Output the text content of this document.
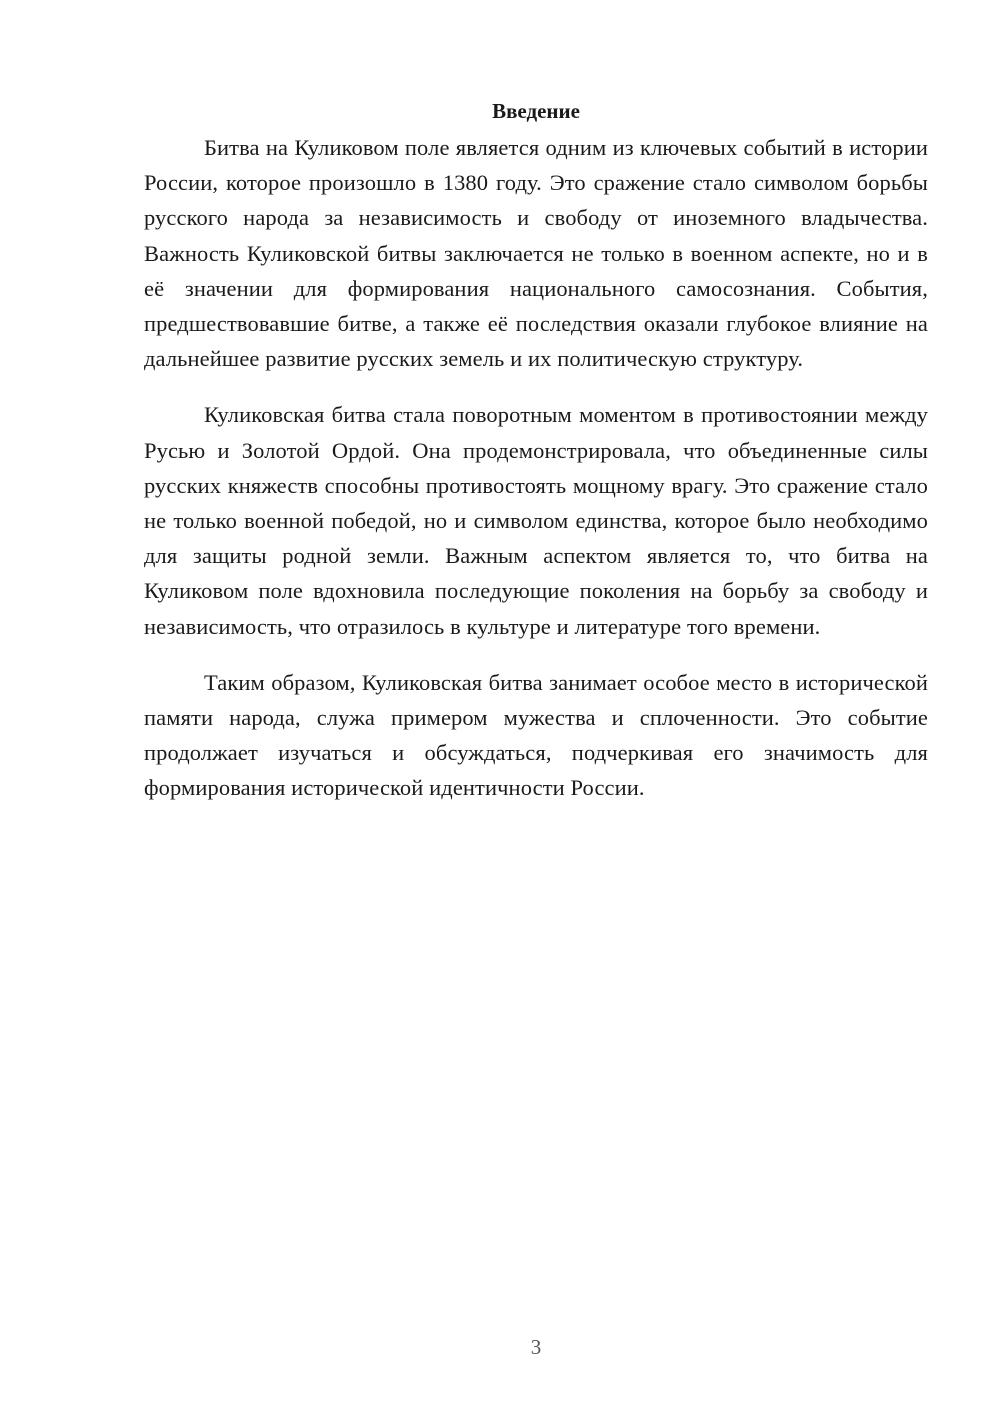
Введение

Битва на Куликовом поле является одним из ключевых событий в истории России, которое произошло в 1380 году. Это сражение стало символом борьбы русского народа за независимость и свободу от иноземного владычества. Важность Куликовской битвы заключается не только в военном аспекте, но и в её значении для формирования национального самосознания. События, предшествовавшие битве, а также её последствия оказали глубокое влияние на дальнейшее развитие русских земель и их политическую структуру.

Куликовская битва стала поворотным моментом в противостоянии между Русью и Золотой Ордой. Она продемонстрировала, что объединенные силы русских княжеств способны противостоять мощному врагу. Это сражение стало не только военной победой, но и символом единства, которое было необходимо для защиты родной земли. Важным аспектом является то, что битва на Куликовом поле вдохновила последующие поколения на борьбу за свободу и независимость, что отразилось в культуре и литературе того времени.

Таким образом, Куликовская битва занимает особое место в исторической памяти народа, служа примером мужества и сплоченности. Это событие продолжает изучаться и обсуждаться, подчеркивая его значимость для формирования исторической идентичности России.

3
